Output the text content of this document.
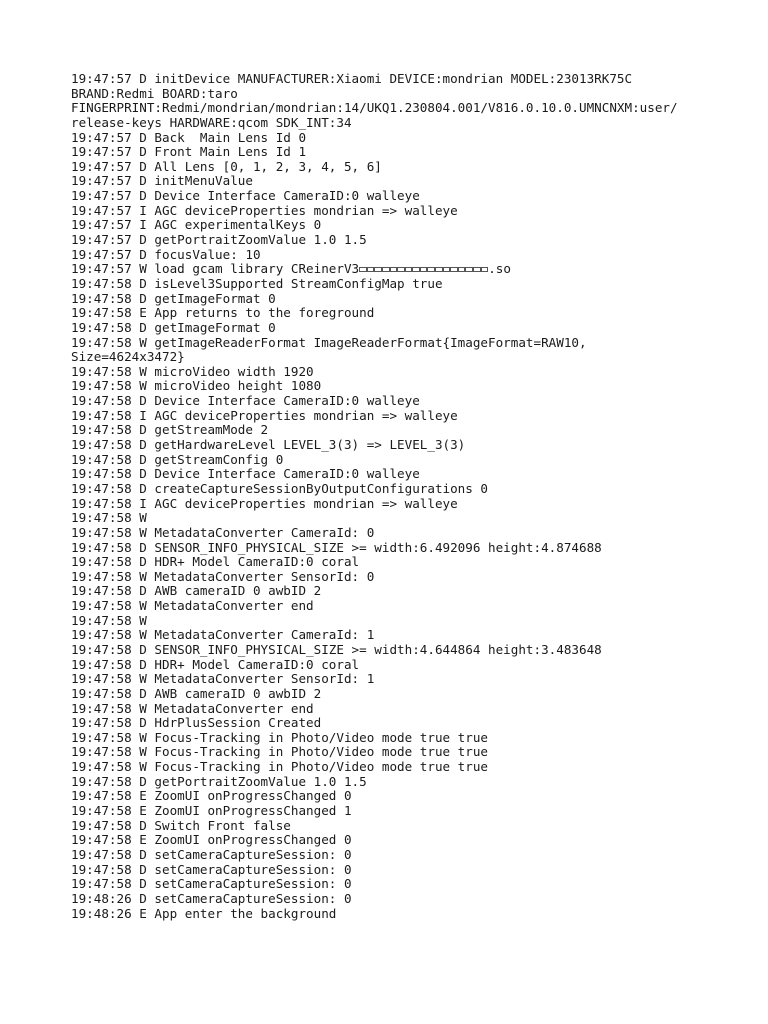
19:47:57 D initDevice MANUFACTURER:Xiaomi DEVICE:mondrian MODEL:23013RK75C
BRAND:Redmi BOARD:taro
FINGERPRINT:Redmi/mondrian/mondrian:14/UKQ1.230804.001/V816.0.10.0.UMNCNXM:user/
release-keys HARDWARE:qcom SDK_INT:34
19:47:57 D Back  Main Lens Id 0
19:47:57 D Front Main Lens Id 1
19:47:57 D All Lens [0, 1, 2, 3, 4, 5, 6]
19:47:57 D initMenuValue
19:47:57 D Device Interface CameraID:0 walleye
19:47:57 I AGC deviceProperties mondrian => walleye
19:47:57 I AGC experimentalKeys 0
19:47:57 D getPortraitZoomValue 1.0 1.5
19:47:57 D focusValue: 10
19:47:57 W load gcam library CReinerV3	.so
19:47:58 D isLevel3Supported StreamConfigMap true
19:47:58 D getImageFormat 0
19:47:58 E App returns to the foreground
19:47:58 D getImageFormat 0
19:47:58 W getImageReaderFormat ImageReaderFormat{ImageFormat=RAW10,
Size=4624x3472}
19:47:58 W microVideo width 1920
19:47:58 W microVideo height 1080
19:47:58 D Device Interface CameraID:0 walleye
19:47:58 I AGC deviceProperties mondrian => walleye
19:47:58 D getStreamMode 2
19:47:58 D getHardwareLevel LEVEL_3(3) => LEVEL_3(3)
19:47:58 D getStreamConfig 0
19:47:58 D Device Interface CameraID:0 walleye
19:47:58 D createCaptureSessionByOutputConfigurations 0
19:47:58 I AGC deviceProperties mondrian => walleye
19:47:58 W
19:47:58 W MetadataConverter CameraId: 0
19:47:58 D SENSOR_INFO_PHYSICAL_SIZE >= width:6.492096 height:4.874688
19:47:58 D HDR+ Model CameraID:0 coral
19:47:58 W MetadataConverter SensorId: 0
19:47:58 D AWB cameraID 0 awbID 2
19:47:58 W MetadataConverter end
19:47:58 W
19:47:58 W MetadataConverter CameraId: 1
19:47:58 D SENSOR_INFO_PHYSICAL_SIZE >= width:4.644864 height:3.483648
19:47:58 D HDR+ Model CameraID:0 coral
19:47:58 W MetadataConverter SensorId: 1
19:47:58 D AWB cameraID 0 awbID 2
19:47:58 W MetadataConverter end
19:47:58 D HdrPlusSession Created
19:47:58 W Focus-Tracking in Photo/Video mode true true
19:47:58 W Focus-Tracking in Photo/Video mode true true
19:47:58 W Focus-Tracking in Photo/Video mode true true
19:47:58 D getPortraitZoomValue 1.0 1.5
19:47:58 E ZoomUI onProgressChanged 0
19:47:58 E ZoomUI onProgressChanged 1
19:47:58 D Switch Front false
19:47:58 E ZoomUI onProgressChanged 0
19:47:58 D setCameraCaptureSession: 0
19:47:58 D setCameraCaptureSession: 0
19:47:58 D setCameraCaptureSession: 0
19:48:26 D setCameraCaptureSession: 0
19:48:26 E App enter the background
